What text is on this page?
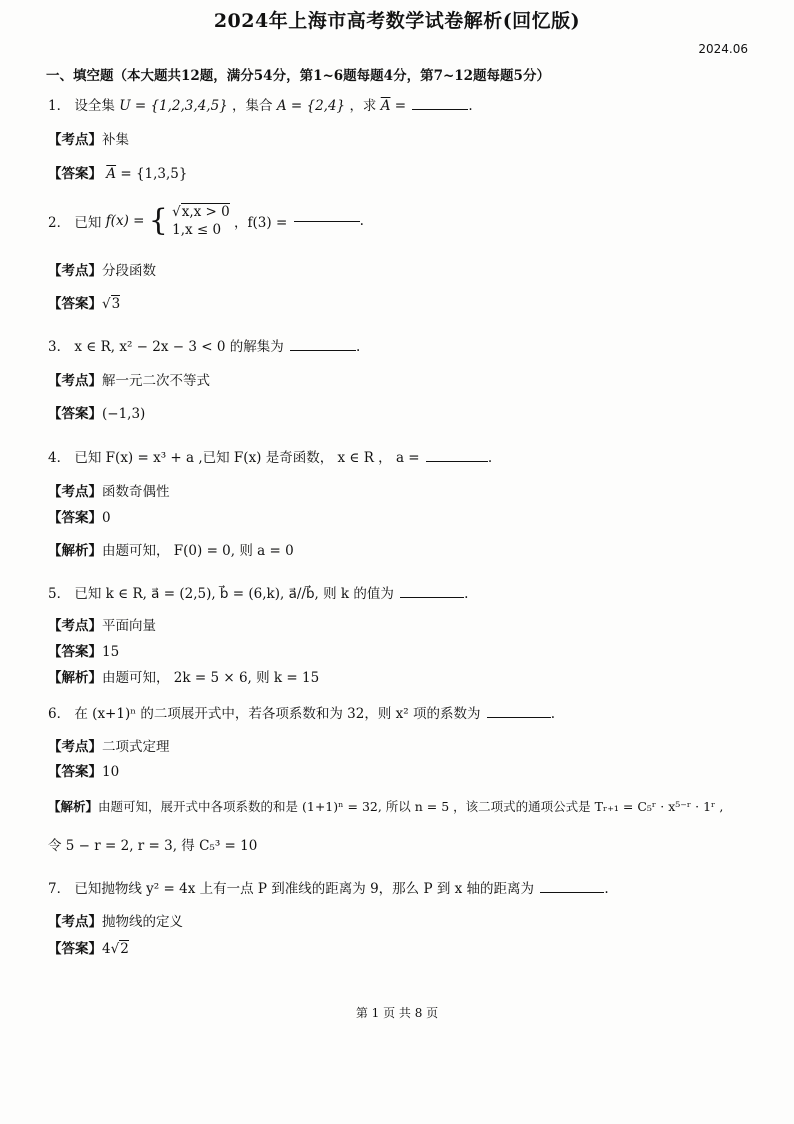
2024年上海市高考数学试卷解析(回忆版)
2024.06
一、填空题（本大题共12题，满分54分，第1~6题每题4分，第7~12题每题5分）
1． 设全集 U = {1,2,3,4,5} ，集合 A = {2,4} ，求 $\overline{A}$ =	.
【考点】补集
【答案】 $\overline{A} = \{1,3,5\}$
2． 已知 f(x) = { √x,x > 0
1,x ≤ 0 ，f(3) =	.
【考点】分段函数
【答案】√3
3． x ∈ R, x² − 2x − 3 < 0 的解集为	.
【考点】解一元二次不等式
【答案】(−1,3)
4． 已知 F(x) = x³ + a ,已知 F(x) 是奇函数， x ∈ R ， a =	.
【考点】函数奇偶性
【答案】0
【解析】由题可知， F(0) = 0, 则 a = 0
5． 已知 k ∈ R, a⃗ = (2,5), b⃗ = (6,k), a⃗//b⃗, 则 k 的值为	.
【考点】平面向量
【答案】15
【解析】由题可知， 2k = 5 × 6, 则 k = 15
6． 在 (x+1)ⁿ 的二项展开式中，若各项系数和为 32，则 x² 项的系数为	.
【考点】二项式定理
【答案】10
【解析】由题可知，展开式中各项系数的和是 (1+1)ⁿ = 32, 所以 n = 5 ，该二项式的通项公式是 Tᵣ₊₁ = C₅ʳ · x⁵⁻ʳ · 1ʳ ,
令 5 − r = 2, r = 3, 得 C₅³ = 10
7． 已知抛物线 y² = 4x 上有一点 P 到准线的距离为 9，那么 P 到 x 轴的距离为	.
【考点】抛物线的定义
【答案】4√2
第 1 页 共 8 页
